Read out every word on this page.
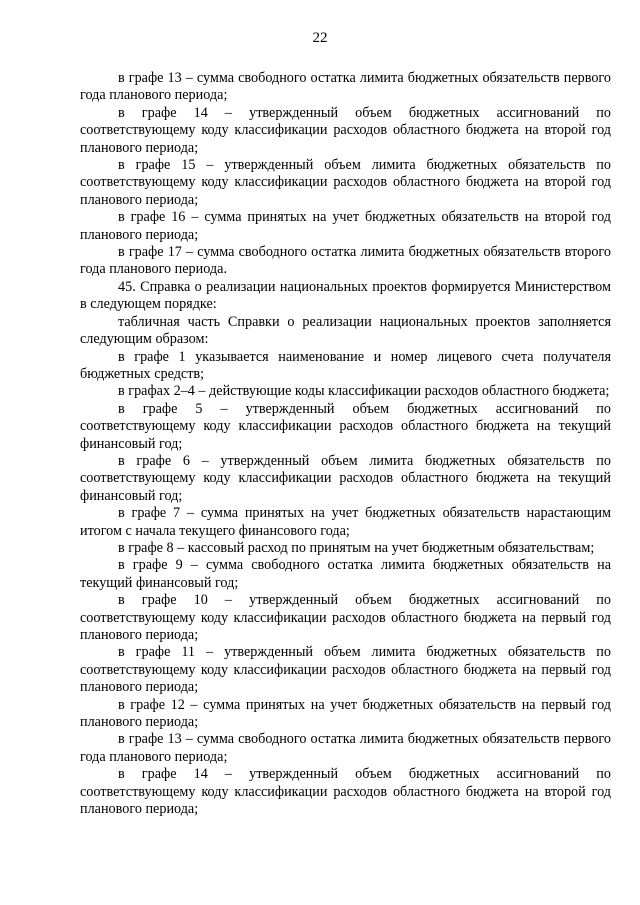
22

в графе 13 – сумма свободного остатка лимита бюджетных обязательств первого года планового периода;

в графе 14 – утвержденный объем бюджетных ассигнований по соответствующему коду классификации расходов областного бюджета на второй год планового периода;

в графе 15 – утвержденный объем лимита бюджетных обязательств по соответствующему коду классификации расходов областного бюджета на второй год планового периода;

в графе 16 – сумма принятых на учет бюджетных обязательств на второй год планового периода;

в графе 17 – сумма свободного остатка лимита бюджетных обязательств второго года планового периода.

45. Справка о реализации национальных проектов формируется Министерством в следующем порядке:

табличная часть Справки о реализации национальных проектов заполняется следующим образом:

в графе 1 указывается наименование и номер лицевого счета получателя бюджетных средств;

в графах 2–4 – действующие коды классификации расходов областного бюджета;

в графе 5 – утвержденный объем бюджетных ассигнований по соответствующему коду классификации расходов областного бюджета на текущий финансовый год;

в графе 6 – утвержденный объем лимита бюджетных обязательств по соответствующему коду классификации расходов областного бюджета на текущий финансовый год;

в графе 7 – сумма принятых на учет бюджетных обязательств нарастающим итогом с начала текущего финансового года;

в графе 8 – кассовый расход по принятым на учет бюджетным обязательствам;

в графе 9 – сумма свободного остатка лимита бюджетных обязательств на текущий финансовый год;

в графе 10 – утвержденный объем бюджетных ассигнований по соответствующему коду классификации расходов областного бюджета на первый год планового периода;

в графе 11 – утвержденный объем лимита бюджетных обязательств по соответствующему коду классификации расходов областного бюджета на первый год планового периода;

в графе 12 – сумма принятых на учет бюджетных обязательств на первый год планового периода;

в графе 13 – сумма свободного остатка лимита бюджетных обязательств первого года планового периода;

в графе 14 – утвержденный объем бюджетных ассигнований по соответствующему коду классификации расходов областного бюджета на второй год планового периода;
